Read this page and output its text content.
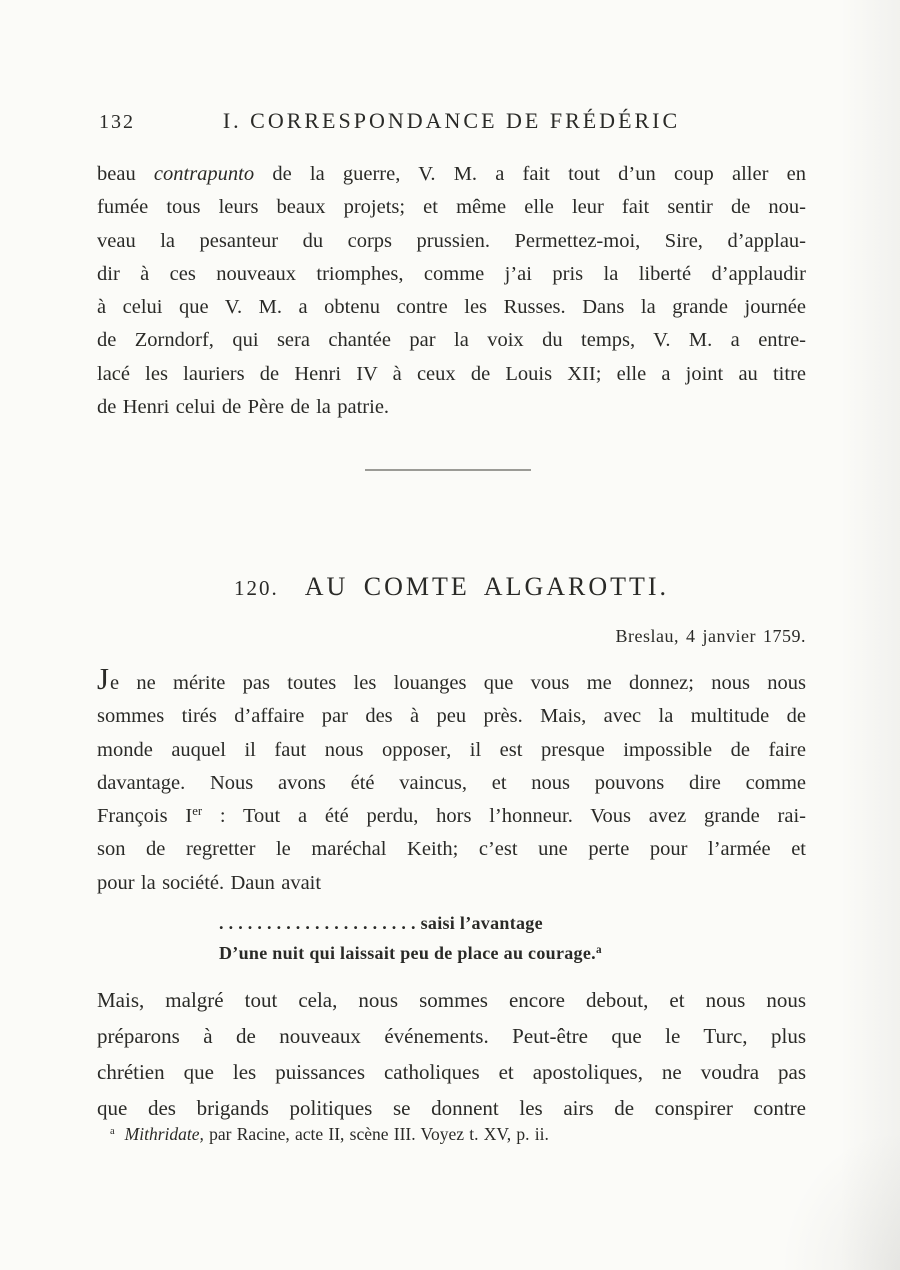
132	I. CORRESPONDANCE DE FRÉDÉRIC
beau contrapunto de la guerre, V. M. a fait tout d’un coup aller en
fumée tous leurs beaux projets; et même elle leur fait sentir de nou-
veau la pesanteur du corps prussien. Permettez-moi, Sire, d’applau-
dir à ces nouveaux triomphes, comme j’ai pris la liberté d’applaudir
à celui que V. M. a obtenu contre les Russes. Dans la grande journée
de Zorndorf, qui sera chantée par la voix du temps, V. M. a entre-
lacé les lauriers de Henri IV à ceux de Louis XII; elle a joint au titre
de Henri celui de Père de la patrie.
120. AU COMTE ALGAROTTI.
Breslau, 4 janvier 1759.
Je ne mérite pas toutes les louanges que vous me donnez; nous nous
sommes tirés d’affaire par des à peu près. Mais, avec la multitude de
monde auquel il faut nous opposer, il est presque impossible de faire
davantage. Nous avons été vaincus, et nous pouvons dire comme
François Ier : Tout a été perdu, hors l’honneur. Vous avez grande rai-
son de regretter le maréchal Keith; c’est une perte pour l’armée et
pour la société. Daun avait
. . . . . . . . . . . . . . . . . . . . . saisi l’avantage
D’une nuit qui laissait peu de place au courage.$^a$
Mais, malgré tout cela, nous sommes encore debout, et nous nous
préparons à de nouveaux événements. Peut-être que le Turc, plus
chrétien que les puissances catholiques et apostoliques, ne voudra pas
que des brigands politiques se donnent les airs de conspirer contre
$^a$ Mithridate, par Racine, acte II, scène III. Voyez t. XV, p. ii.
